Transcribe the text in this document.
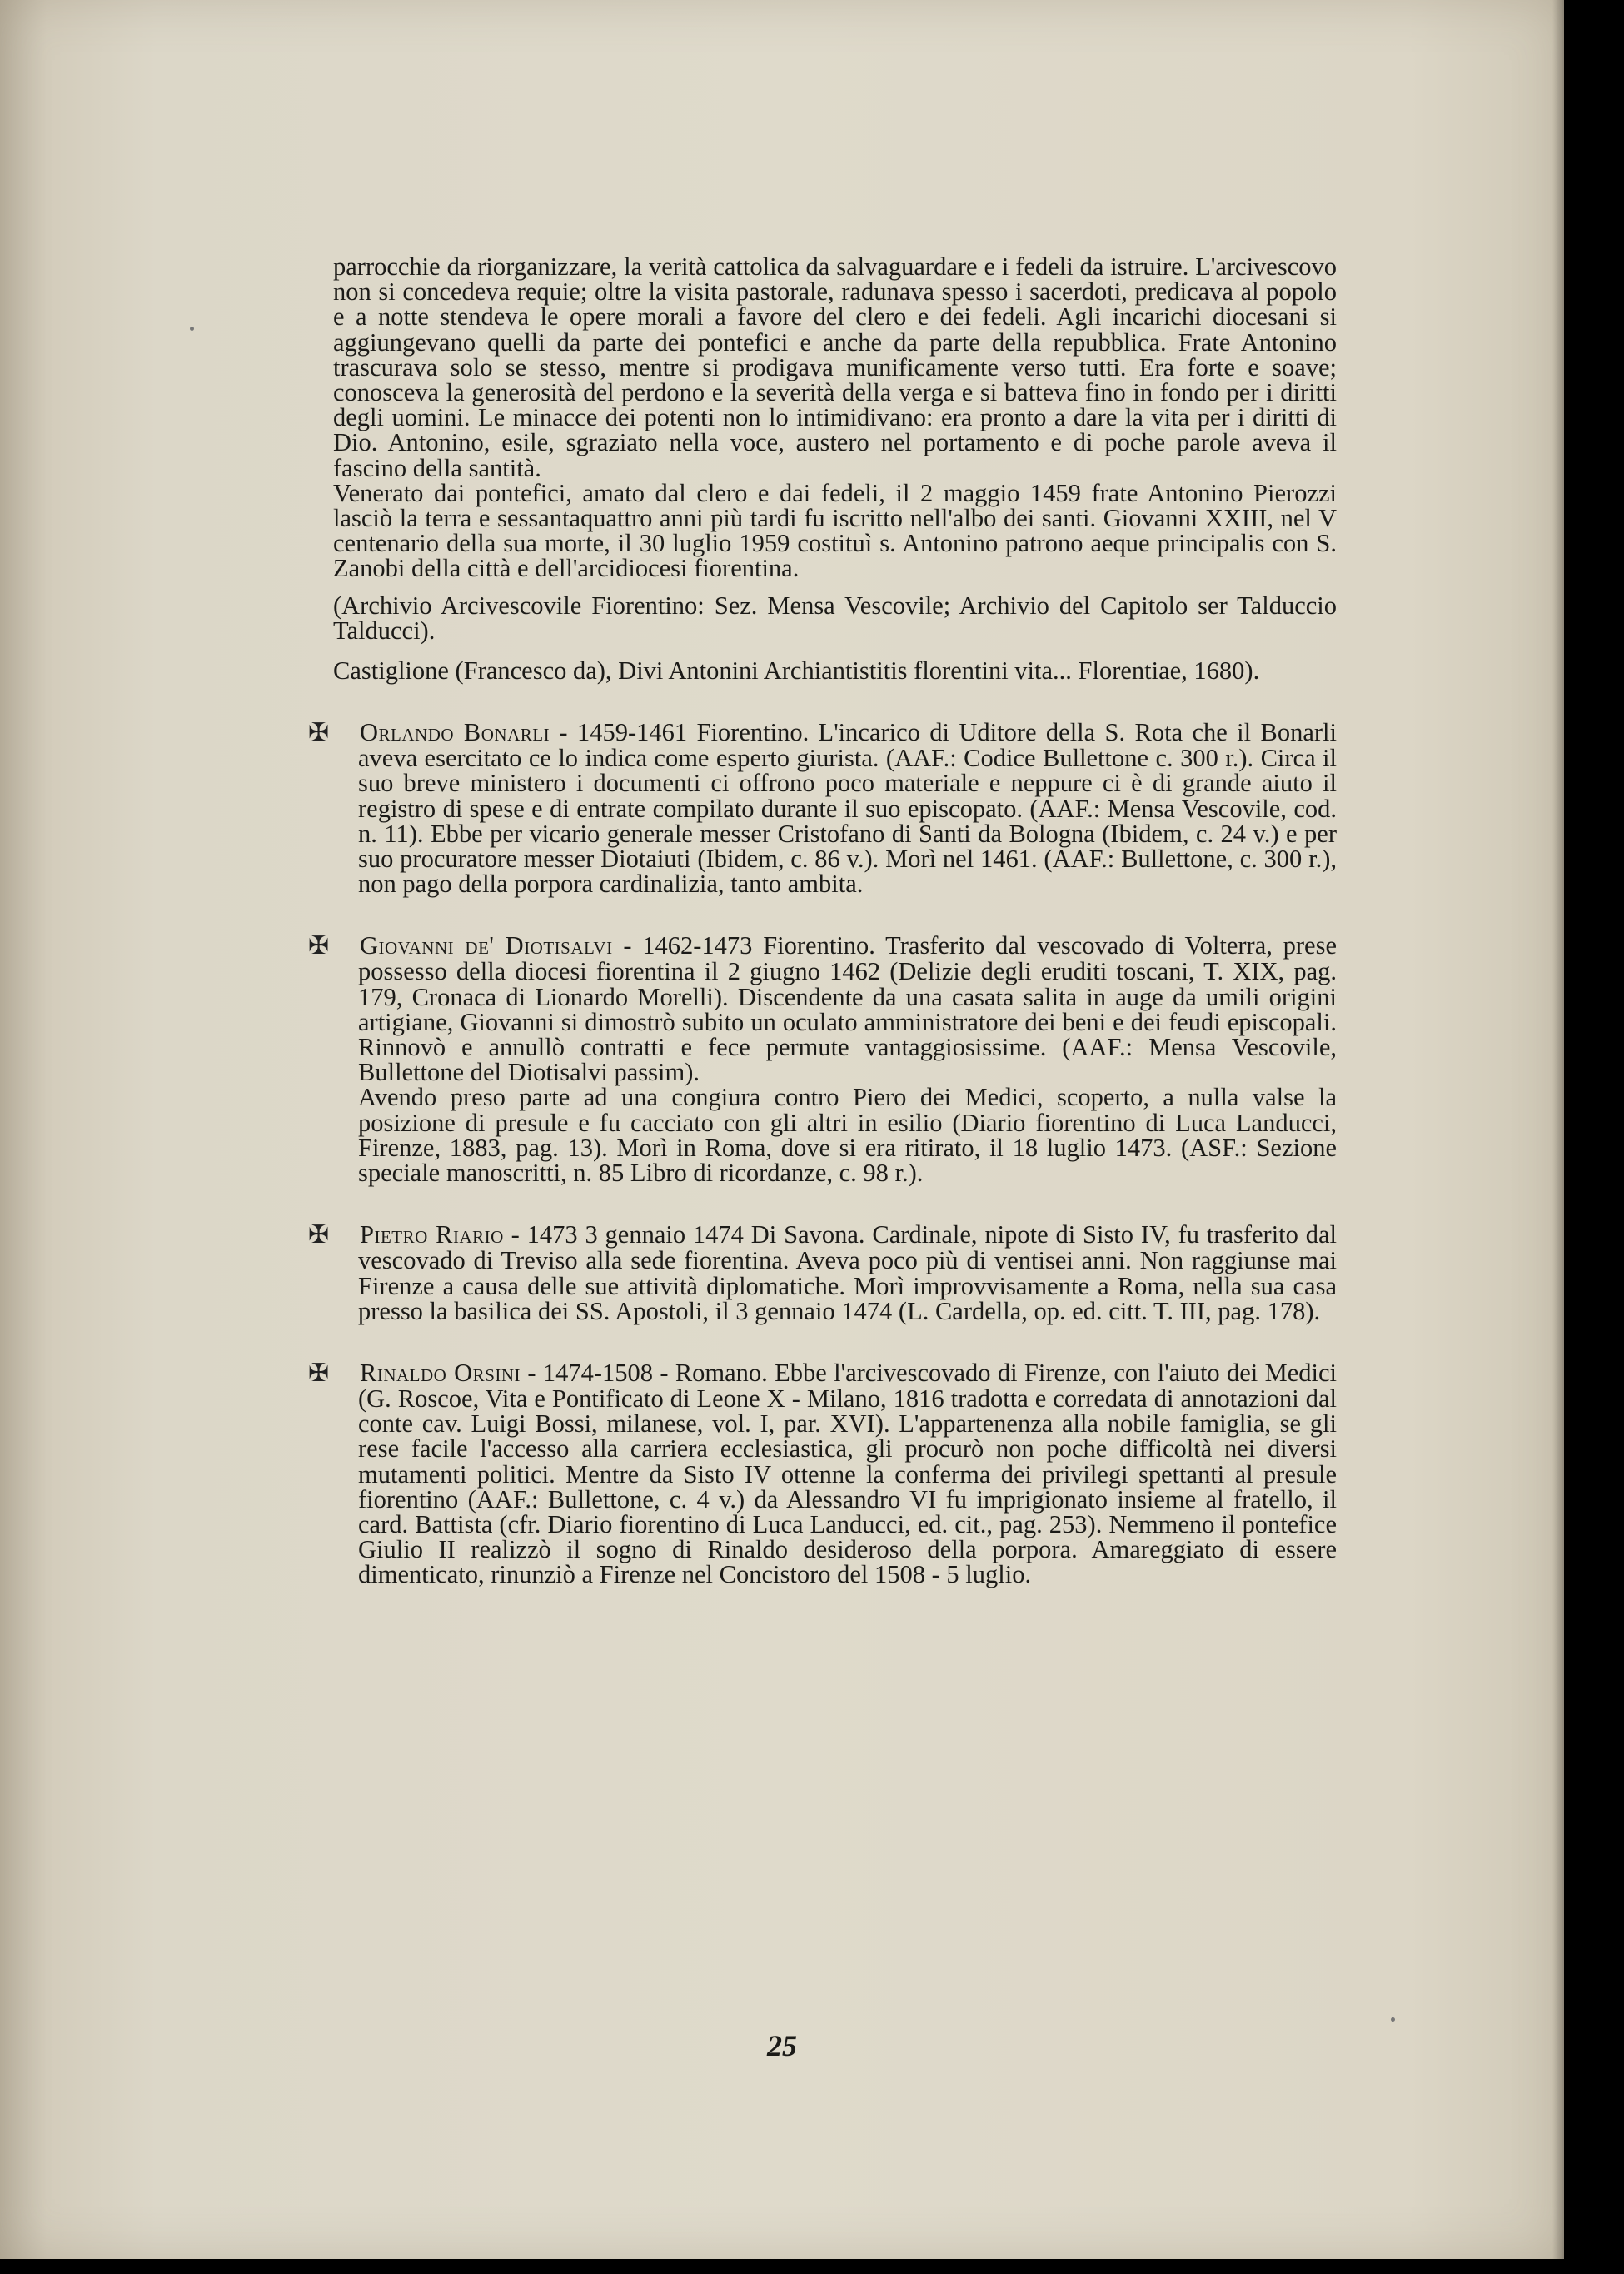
parrocchie da riorganizzare, la verità cattolica da salvaguardare e i fedeli da istruire. L'arcivescovo non si concedeva requie; oltre la visita pastorale, radunava spesso i sacerdoti, predicava al popolo e a notte stendeva le opere morali a favore del clero e dei fedeli. Agli incarichi diocesani si aggiungevano quelli da parte dei pontefici e anche da parte della repubblica. Frate Antonino trascurava solo se stesso, mentre si prodigava munificamente verso tutti. Era forte e soave; conosceva la generosità del perdono e la severità della verga e si batteva fino in fondo per i diritti degli uomini. Le minacce dei potenti non lo intimidivano: era pronto a dare la vita per i diritti di Dio. Antonino, esile, sgraziato nella voce, austero nel portamento e di poche parole aveva il fascino della santità.

Venerato dai pontefici, amato dal clero e dai fedeli, il 2 maggio 1459 frate Antonino Pierozzi lasciò la terra e sessantaquattro anni più tardi fu iscritto nell'albo dei santi. Giovanni XXIII, nel V centenario della sua morte, il 30 luglio 1959 costituì s. Antonino patrono aeque principalis con S. Zanobi della città e dell'arcidiocesi fiorentina.

(Archivio Arcivescovile Fiorentino: Sez. Mensa Vescovile; Archivio del Capitolo ser Talduccio Talducci).

Castiglione (Francesco da), Divi Antonini Archiantistitis florentini vita... Florentiae, 1680).

✠ Orlando Bonarli - 1459-1461 Fiorentino. L'incarico di Uditore della S. Rota che il Bonarli aveva esercitato ce lo indica come esperto giurista. (AAF.: Codice Bullettone c. 300 r.). Circa il suo breve ministero i documenti ci offrono poco materiale e neppure ci è di grande aiuto il registro di spese e di entrate compilato durante il suo episcopato. (AAF.: Mensa Vescovile, cod. n. 11). Ebbe per vicario generale messer Cristofano di Santi da Bologna (Ibidem, c. 24 v.) e per suo procuratore messer Diotaiuti (Ibidem, c. 86 v.). Morì nel 1461. (AAF.: Bullettone, c. 300 r.), non pago della porpora cardinalizia, tanto ambita.

✠ Giovanni de' Diotisalvi - 1462-1473 Fiorentino. Trasferito dal vescovado di Volterra, prese possesso della diocesi fiorentina il 2 giugno 1462 (Delizie degli eruditi toscani, T. XIX, pag. 179, Cronaca di Lionardo Morelli). Discendente da una casata salita in auge da umili origini artigiane, Giovanni si dimostrò subito un oculato amministratore dei beni e dei feudi episcopali. Rinnovò e annullò contratti e fece permute vantaggiosissime. (AAF.: Mensa Vescovile, Bullettone del Diotisalvi passim).

Avendo preso parte ad una congiura contro Piero dei Medici, scoperto, a nulla valse la posizione di presule e fu cacciato con gli altri in esilio (Diario fiorentino di Luca Landucci, Firenze, 1883, pag. 13). Morì in Roma, dove si era ritirato, il 18 luglio 1473. (ASF.: Sezione speciale manoscritti, n. 85 Libro di ricordanze, c. 98 r.).

✠ Pietro Riario - 1473 3 gennaio 1474 Di Savona. Cardinale, nipote di Sisto IV, fu trasferito dal vescovado di Treviso alla sede fiorentina. Aveva poco più di ventisei anni. Non raggiunse mai Firenze a causa delle sue attività diplomatiche. Morì improvvisamente a Roma, nella sua casa presso la basilica dei SS. Apostoli, il 3 gennaio 1474 (L. Cardella, op. ed. citt. T. III, pag. 178).

✠ Rinaldo Orsini - 1474-1508 - Romano. Ebbe l'arcivescovado di Firenze, con l'aiuto dei Medici (G. Roscoe, Vita e Pontificato di Leone X - Milano, 1816 tradotta e corredata di annotazioni dal conte cav. Luigi Bossi, milanese, vol. I, par. XVI). L'appartenenza alla nobile famiglia, se gli rese facile l'accesso alla carriera ecclesiastica, gli procurò non poche difficoltà nei diversi mutamenti politici. Mentre da Sisto IV ottenne la conferma dei privilegi spettanti al presule fiorentino (AAF.: Bullettone, c. 4 v.) da Alessandro VI fu imprigionato insieme al fratello, il card. Battista (cfr. Diario fiorentino di Luca Landucci, ed. cit., pag. 253). Nemmeno il pontefice Giulio II realizzò il sogno di Rinaldo desideroso della porpora. Amareggiato di essere dimenticato, rinunziò a Firenze nel Concistoro del 1508 - 5 luglio.

25
